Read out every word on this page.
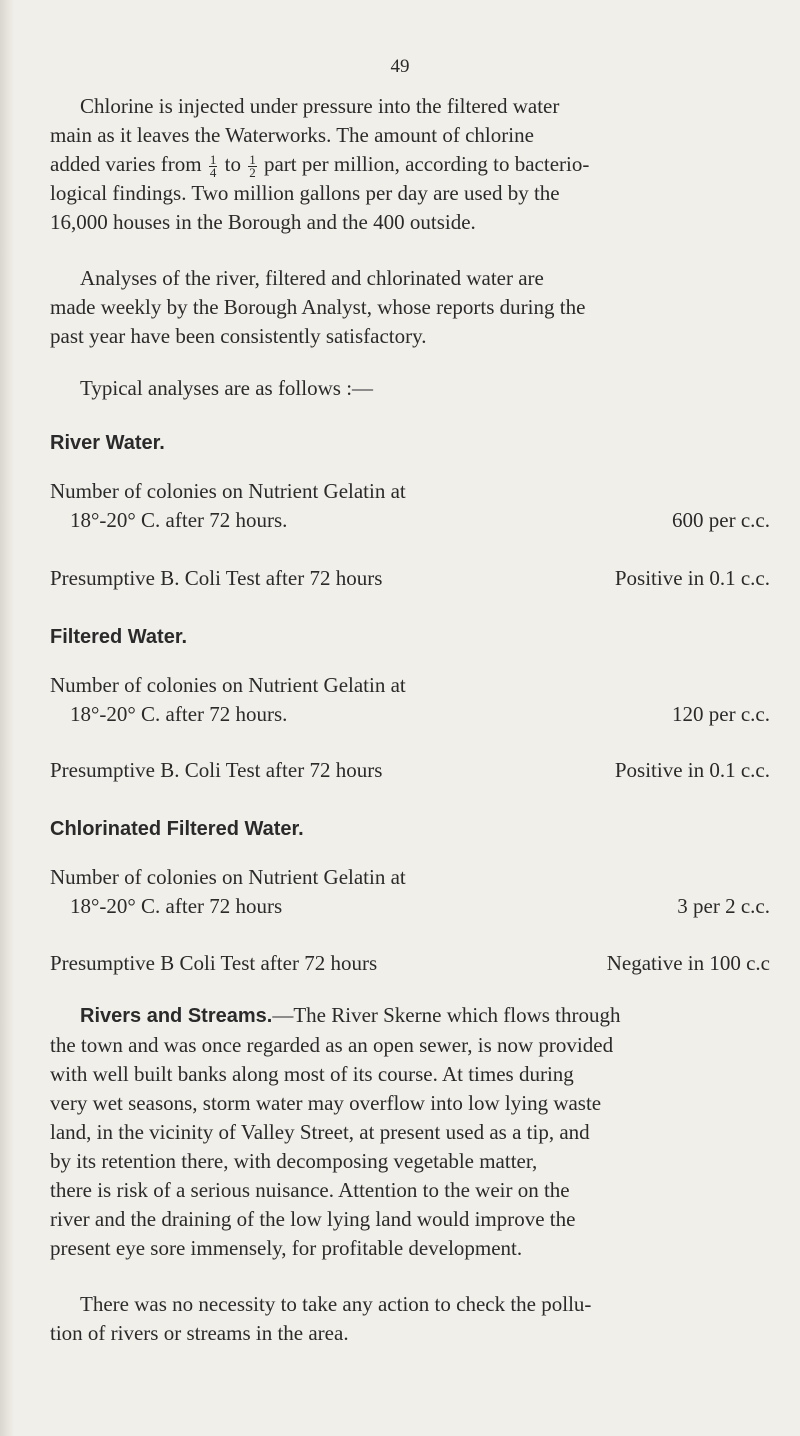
49
Chlorine is injected under pressure into the filtered water
main as it leaves the Waterworks. The amount of chlorine
added varies from $\frac{1}{4}$ to $\frac{1}{2}$ part per million, according to bacterio-
logical findings. Two million gallons per day are used by the
16,000 houses in the Borough and the 400 outside.
Analyses of the river, filtered and chlorinated water are
made weekly by the Borough Analyst, whose reports during the
past year have been consistently satisfactory.
Typical analyses are as follows :—
River Water.
Number of colonies on Nutrient Gelatin at
18°-20° C. after 72 hours.	600 per c.c.
Presumptive B. Coli Test after 72 hours	Positive in 0.1 c.c.
Filtered Water.
Number of colonies on Nutrient Gelatin at
18°-20° C. after 72 hours.	120 per c.c.
Presumptive B. Coli Test after 72 hours	Positive in 0.1 c.c.
Chlorinated Filtered Water.
Number of colonies on Nutrient Gelatin at
18°-20° C. after 72 hours	3 per 2 c.c.
Presumptive B Coli Test after 72 hours	Negative in 100 c.c
Rivers and Streams.—The River Skerne which flows through
the town and was once regarded as an open sewer, is now provided
with well built banks along most of its course. At times during
very wet seasons, storm water may overflow into low lying waste
land, in the vicinity of Valley Street, at present used as a tip, and
by its retention there, with decomposing vegetable matter,
there is risk of a serious nuisance. Attention to the weir on the
river and the draining of the low lying land would improve the
present eye sore immensely, for profitable development.
There was no necessity to take any action to check the pollu-
tion of rivers or streams in the area.
